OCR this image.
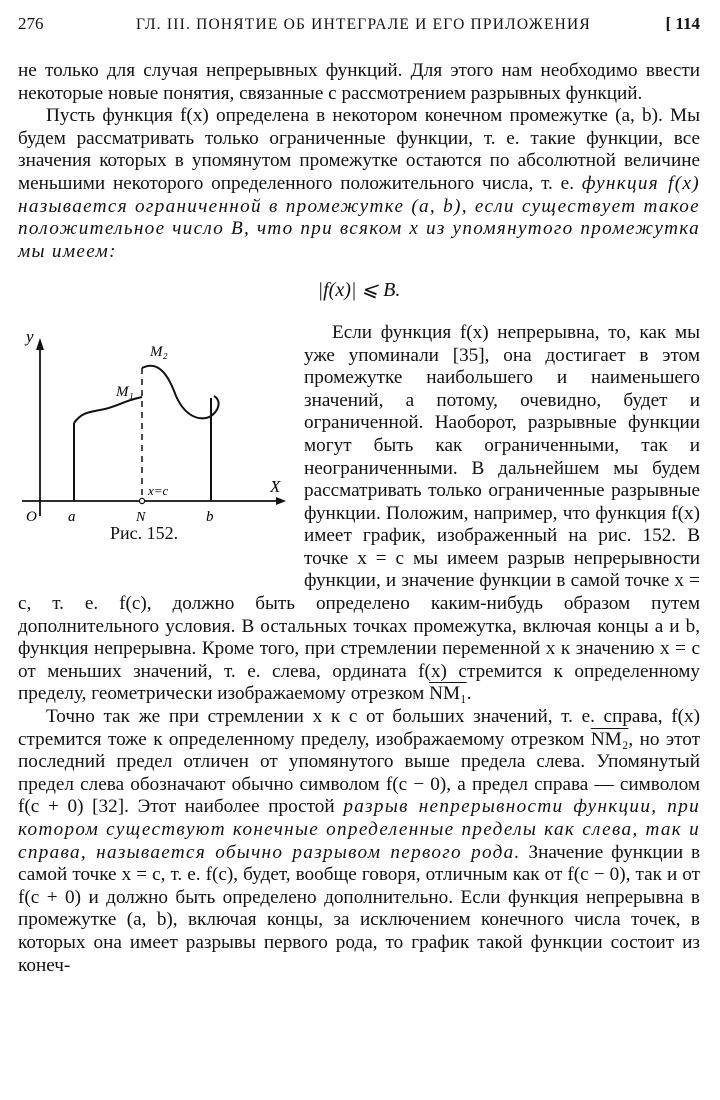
276	ГЛ. III. ПОНЯТИЕ ОБ ИНТЕГРАЛЕ И ЕГО ПРИЛОЖЕНИЯ	[ 114

не только для случая непрерывных функций. Для этого нам необходимо ввести некоторые новые понятия, связанные с рассмотрением разрывных функций.

Пусть функция f(x) определена в некотором конечном промежутке (a, b). Мы будем рассматривать только ограниченные функции, т. е. такие функции, все значения которых в упомянутом промежутке остаются по абсолютной величине меньшими некоторого определенного положительного числа, т. е. функция f(x) называется ограниченной в промежутке (a, b), если существует такое положительное число B, что при всяком x из упомянутого промежутка мы имеем:

|f(x)| ⩽ B.
y
X
O a	N	b
x=c
M₁
M₂
Рис. 152.

Если функция f(x) непрерывна, то, как мы уже упоминали [35], она достигает в этом промежутке наибольшего и наименьшего значений, а потому, очевидно, будет и ограниченной. Наоборот, разрывные функции могут быть как ограниченными, так и неограниченными. В дальнейшем мы будем рассматривать только ограниченные разрывные функции. Положим, например, что функция f(x) имеет график, изображенный на рис. 152. В точке x = c мы имеем разрыв непрерывности функции, и значение функции в самой точке x = c, т. е. f(c), должно быть определено каким-нибудь образом путем дополнительного условия. В остальных точках промежутка, включая концы a и b, функция непрерывна. Кроме того, при стремлении переменной x к значению x = c от меньших значений, т. е. слева, ордината f(x) стремится к определенному пределу, геометрически изображаемому отрезком NM₁.

Точно так же при стремлении x к c от больших значений, т. е. справа, f(x) стремится тоже к определенному пределу, изображаемому отрезком NM₂, но этот последний предел отличен от упомянутого выше предела слева. Упомянутый предел слева обозначают обычно символом f(c − 0), а предел справа — символом f(c + 0) [32]. Этот наиболее простой разрыв непрерывности функции, при котором существуют конечные определенные пределы как слева, так и справа, называется обычно разрывом первого рода. Значение функции в самой точке x = c, т. е. f(c), будет, вообще говоря, отличным как от f(c − 0), так и от f(c + 0) и должно быть определено дополнительно. Если функция непрерывна в промежутке (a, b), включая концы, за исключением конечного числа точек, в которых она имеет разрывы первого рода, то график такой функции состоит из конеч-
